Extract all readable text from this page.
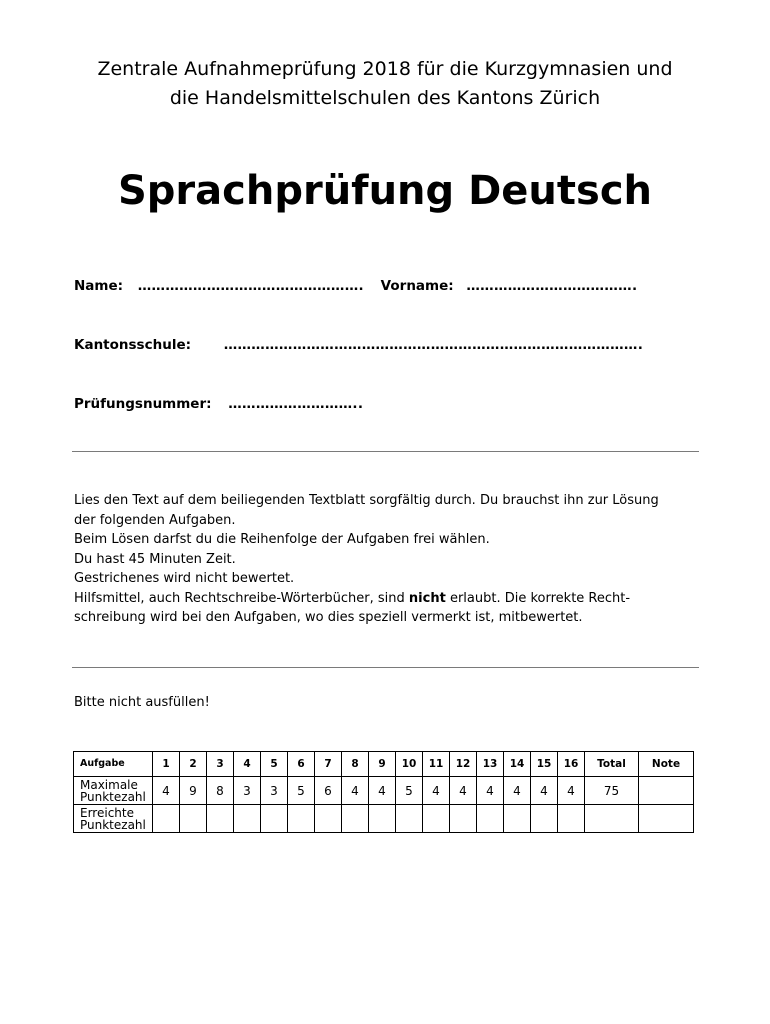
Zentrale Aufnahmeprüfung 2018 für die Kurzgymnasien und
die Handelsmittelschulen des Kantons Zürich
Sprachprüfung Deutsch
Name: …………………………………………. Vorname: ……………………………….
Kantonsschule: ……………………………………………………………………………….
Prüfungsnummer: ………………………..

Lies den Text auf dem beiliegenden Textblatt sorgfältig durch. Du brauchst ihn zur Lösung

der folgenden Aufgaben.

Beim Lösen darfst du die Reihenfolge der Aufgaben frei wählen.

Du hast 45 Minuten Zeit.

Gestrichenes wird nicht bewertet.

Hilfsmittel, auch Rechtschreibe-Wörterbücher, sind nicht erlaubt. Die korrekte Recht-

schreibung wird bei den Aufgaben, wo dies speziell vermerkt ist, mitbewertet.

Bitte nicht ausfüllen!
Aufgabe	1	2	3	4	5	6	7	8	9	10	11	12	13	14	15	16	Total	Note
Maximale
Punktezahl	4	9	8	3	3	5	6	4	4	5	4	4	4	4	4	4	75	
Erreichte
Punktezahl																		
